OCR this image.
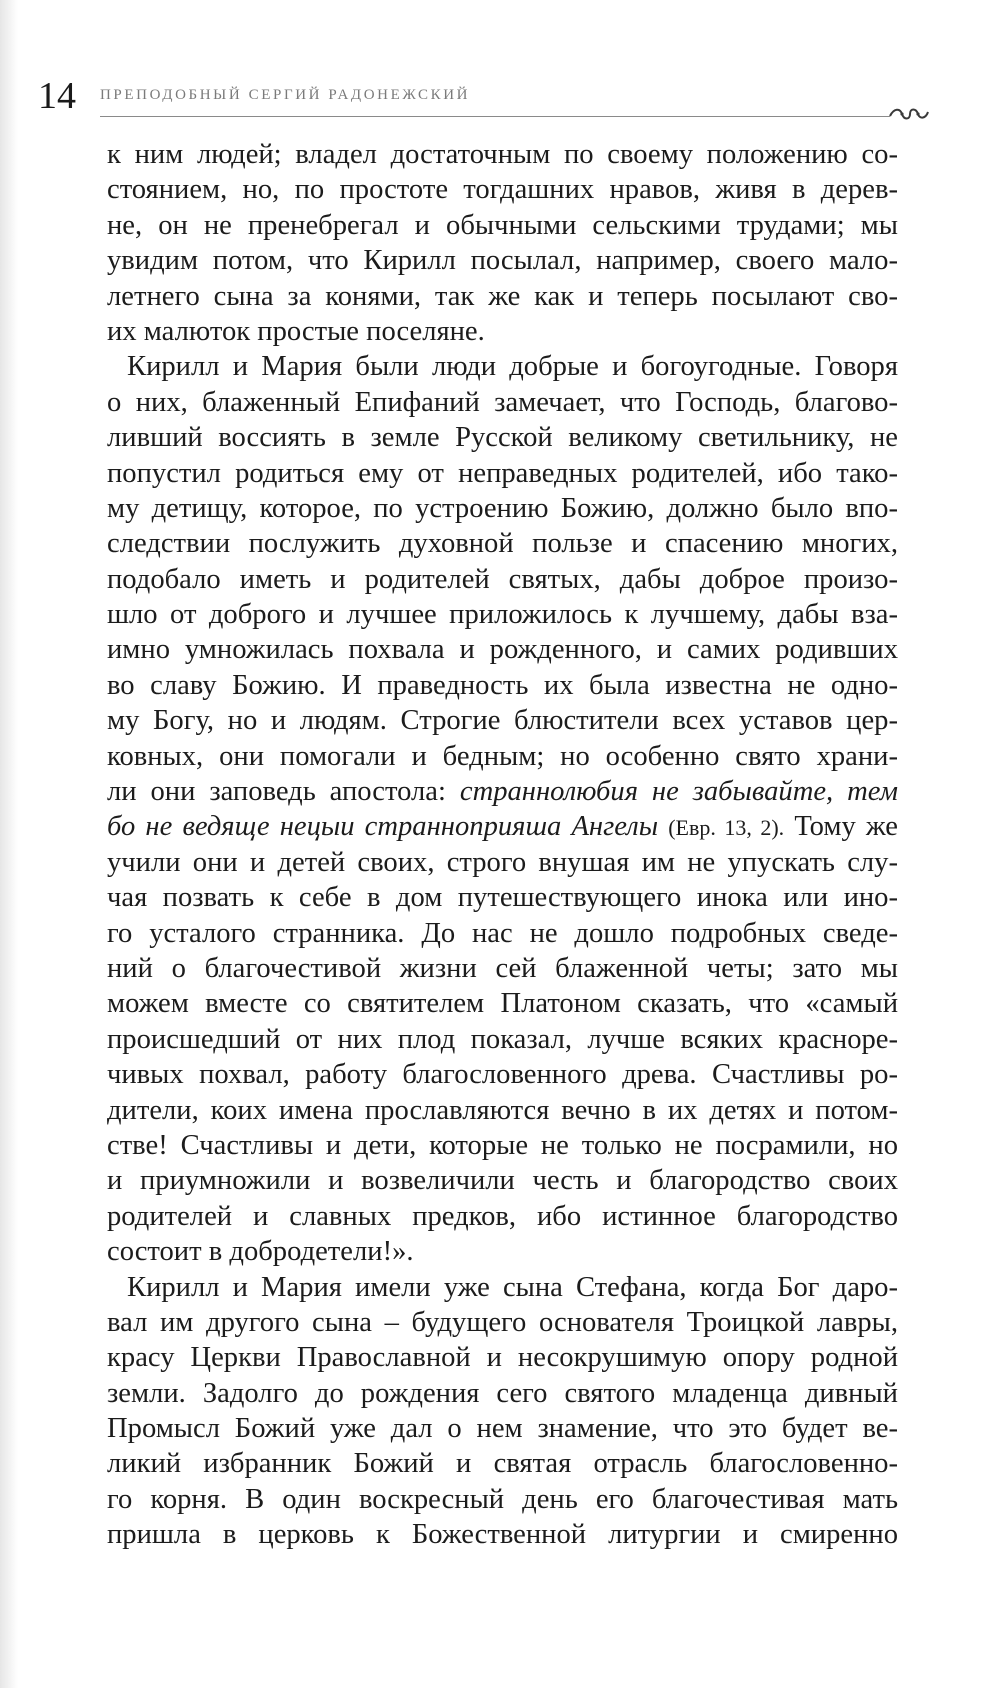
14 ПРЕПОДОБНЫЙ СЕРГИЙ РАДОНЕЖСКИЙ
к ним людей; владел достаточным по своему положению со-
стоянием, но, по простоте тогдашних нравов, живя в дерев-
не, он не пренебрегал и обычными сельскими трудами; мы
увидим потом, что Кирилл посылал, например, своего мало-
летнего сына за конями, так же как и теперь посылают сво-
их малюток простые поселяне.
Кирилл и Мария были люди добрые и богоугодные. Говоря
о них, блаженный Епифаний замечает, что Господь, благово-
ливший воссиять в земле Русской великому светильнику, не
попустил родиться ему от неправедных родителей, ибо тако-
му детищу, которое, по устроению Божию, должно было впо-
следствии послужить духовной пользе и спасению многих,
подобало иметь и родителей святых, дабы доброе произо-
шло от доброго и лучшее приложилось к лучшему, дабы вза-
имно умножилась похвала и рожденного, и самих родивших
во славу Божию. И праведность их была известна не одно-
му Богу, но и людям. Строгие блюстители всех уставов цер-
ковных, они помогали и бедным; но особенно свято храни-
ли они заповедь апостола: страннолюбия не забывайте, тем
бо не ведяще нецыи странноприяша Ангелы (Евр. 13, 2). Тому же
учили они и детей своих, строго внушая им не упускать слу-
чая позвать к себе в дом путешествующего инока или ино-
го усталого странника. До нас не дошло подробных сведе-
ний о благочестивой жизни сей блаженной четы; зато мы
можем вместе со святителем Платоном сказать, что «самый
происшедший от них плод показал, лучше всяких красноре-
чивых похвал, работу благословенного древа. Счастливы ро-
дители, коих имена прославляются вечно в их детях и потом-
стве! Счастливы и дети, которые не только не посрамили, но
и приумножили и возвеличили честь и благородство своих
родителей и славных предков, ибо истинное благородство
состоит в добродетели!».
Кирилл и Мария имели уже сына Стефана, когда Бог даро-
вал им другого сына – будущего основателя Троицкой лавры,
красу Церкви Православной и несокрушимую опору родной
земли. Задолго до рождения сего святого младенца дивный
Промысл Божий уже дал о нем знамение, что это будет ве-
ликий избранник Божий и святая отрасль благословенно-
го корня. В один воскресный день его благочестивая мать
пришла в церковь к Божественной литургии и смиренно
